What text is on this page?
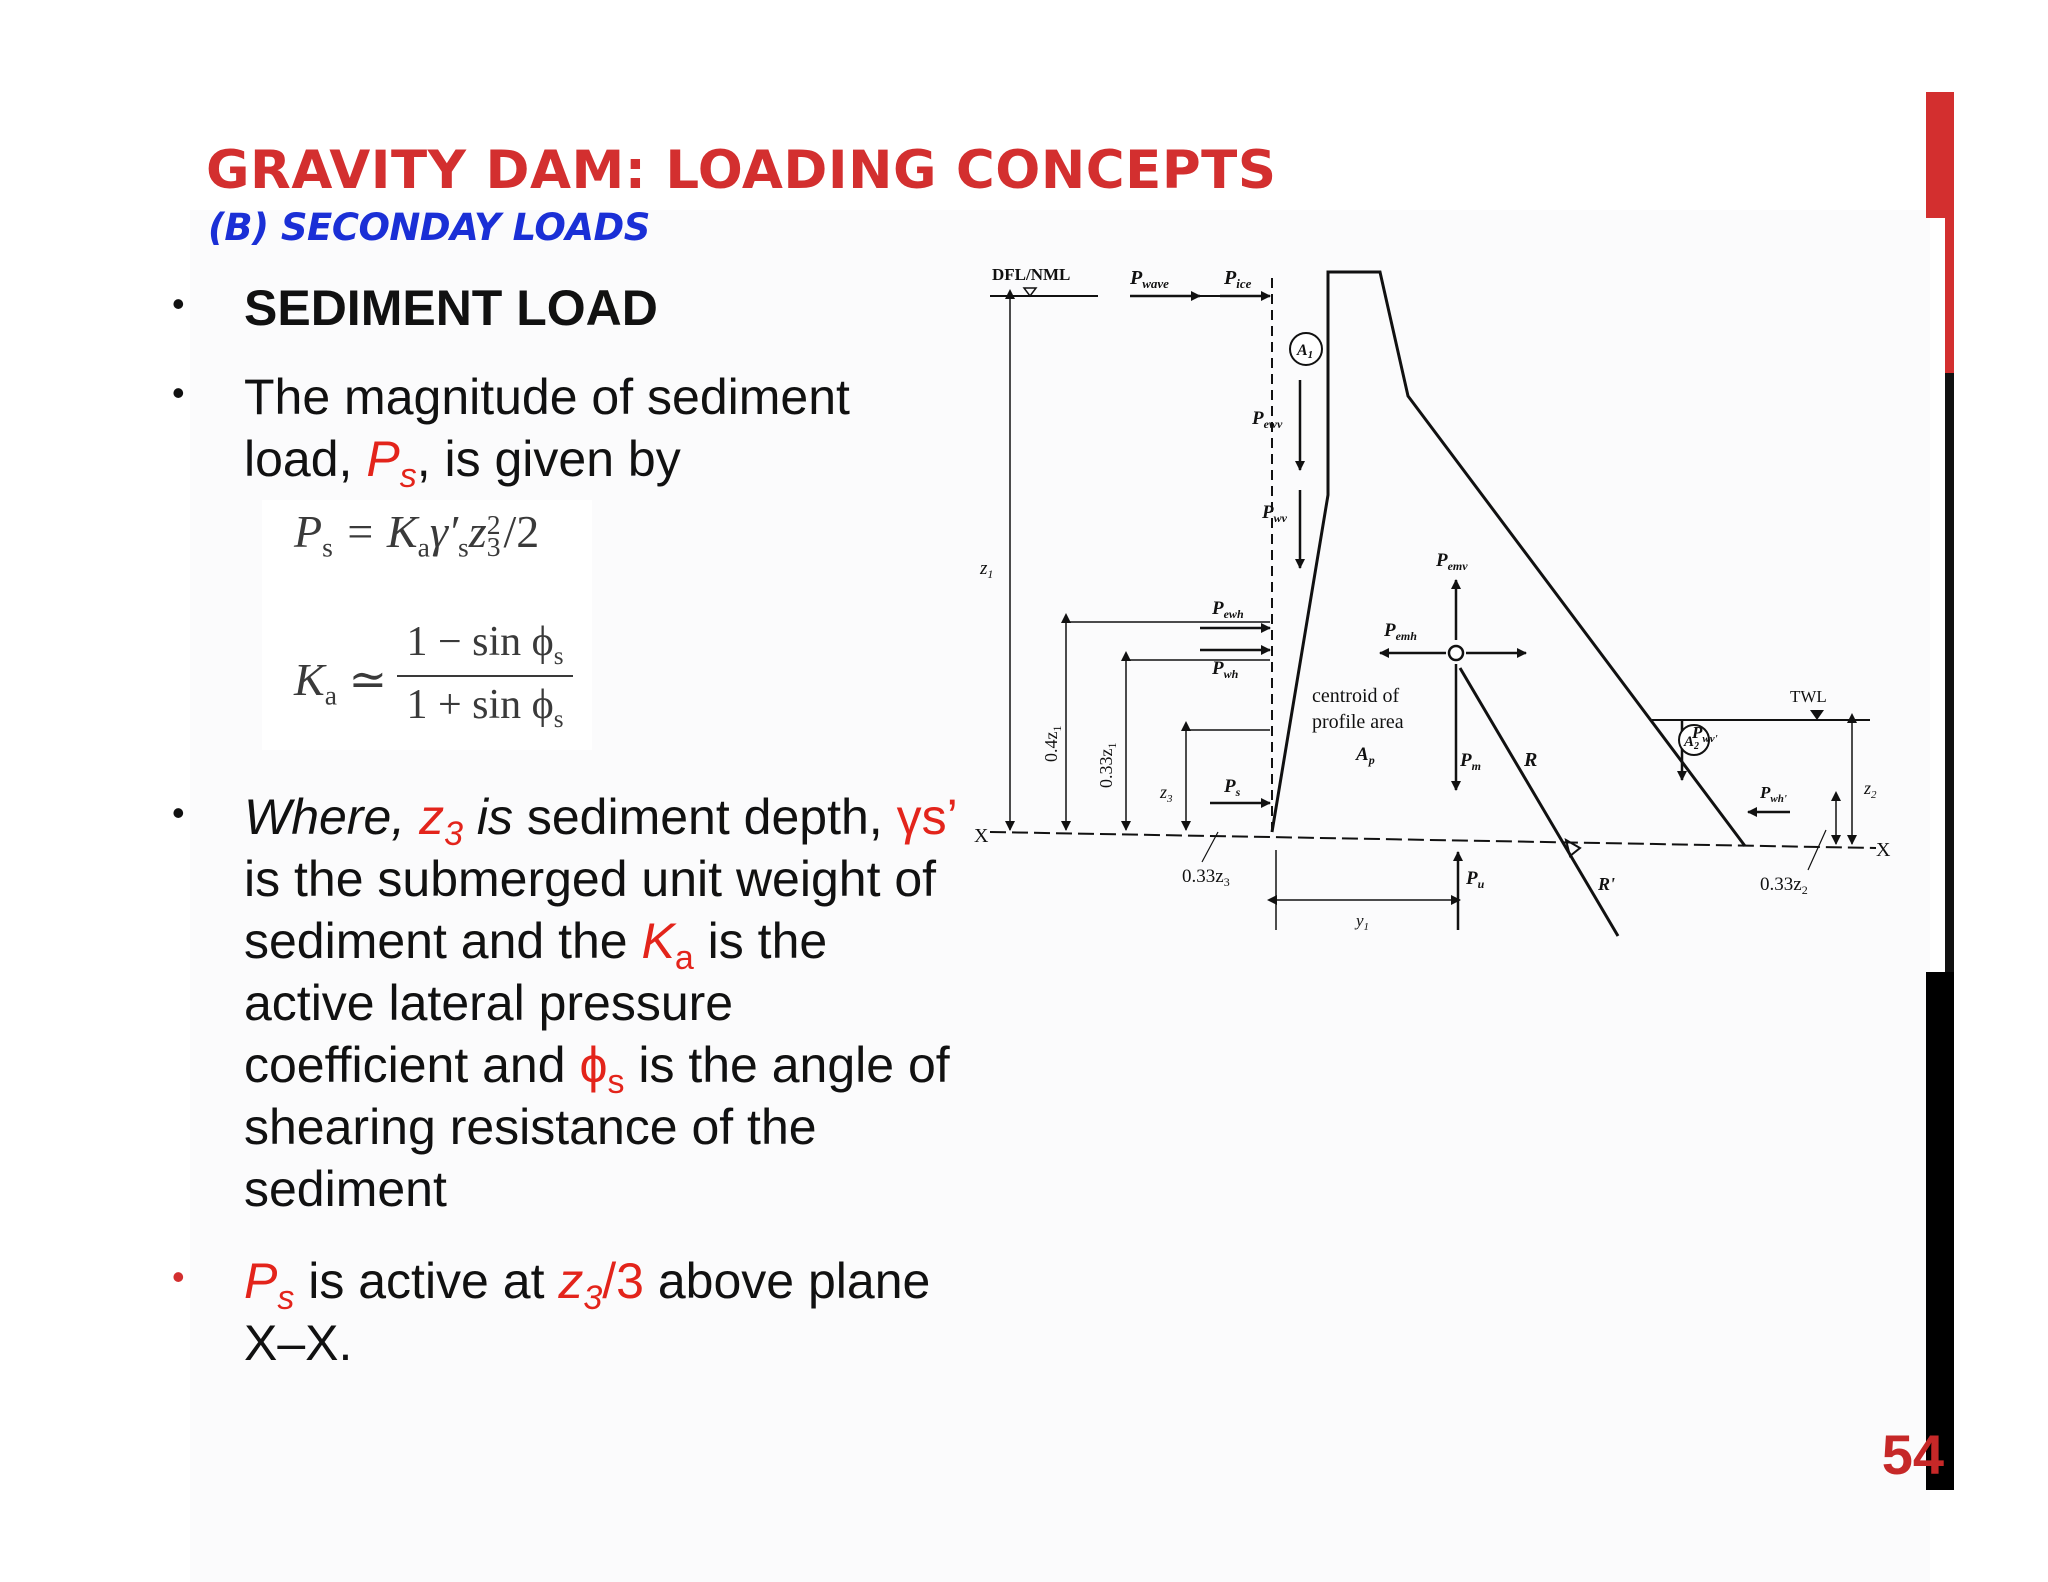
54
GRAVITY DAM: LOADING CONCEPTS
(B) SECONDAY LOADS
• SEDIMENT LOAD
• The magnitude of sediment load, $P_s$, is given by
$P_s = K_a\gamma'_sz$ 2
3 /2
$K_a$ ≃ $\frac{1 - \sin \phi_s}{1 + \sin \phi_s}$
• Where, $z_3$ is sediment depth, γs’ is the submerged unit weight of sediment and the $K_a$ is the active lateral pressure coefficient and $\phi_s$ is the angle of shearing resistance of the sediment
• $P_s$ is active at $z_3/3$ above plane X–X.
DFL/NML	$P_{wave}$	$P_{ice}$
A1
$P_{ewv}$
$P_{wv}$
$z_1$
$P_{emv}$
$P_{ewh}$
$P_{emh}$
$P_{wh}$
centroid of
profile area
$A_p$
TWL
$A_2$
$P_{wv'}$
$0.4z_1$
$0.33z_1$
$z_3$
$P_s$
$P_m$ R
$P_{wh'}$
$z_2$
X
X
$0.33z_3$	$P_u$	R'	$0.33z_2$
$y_1$
